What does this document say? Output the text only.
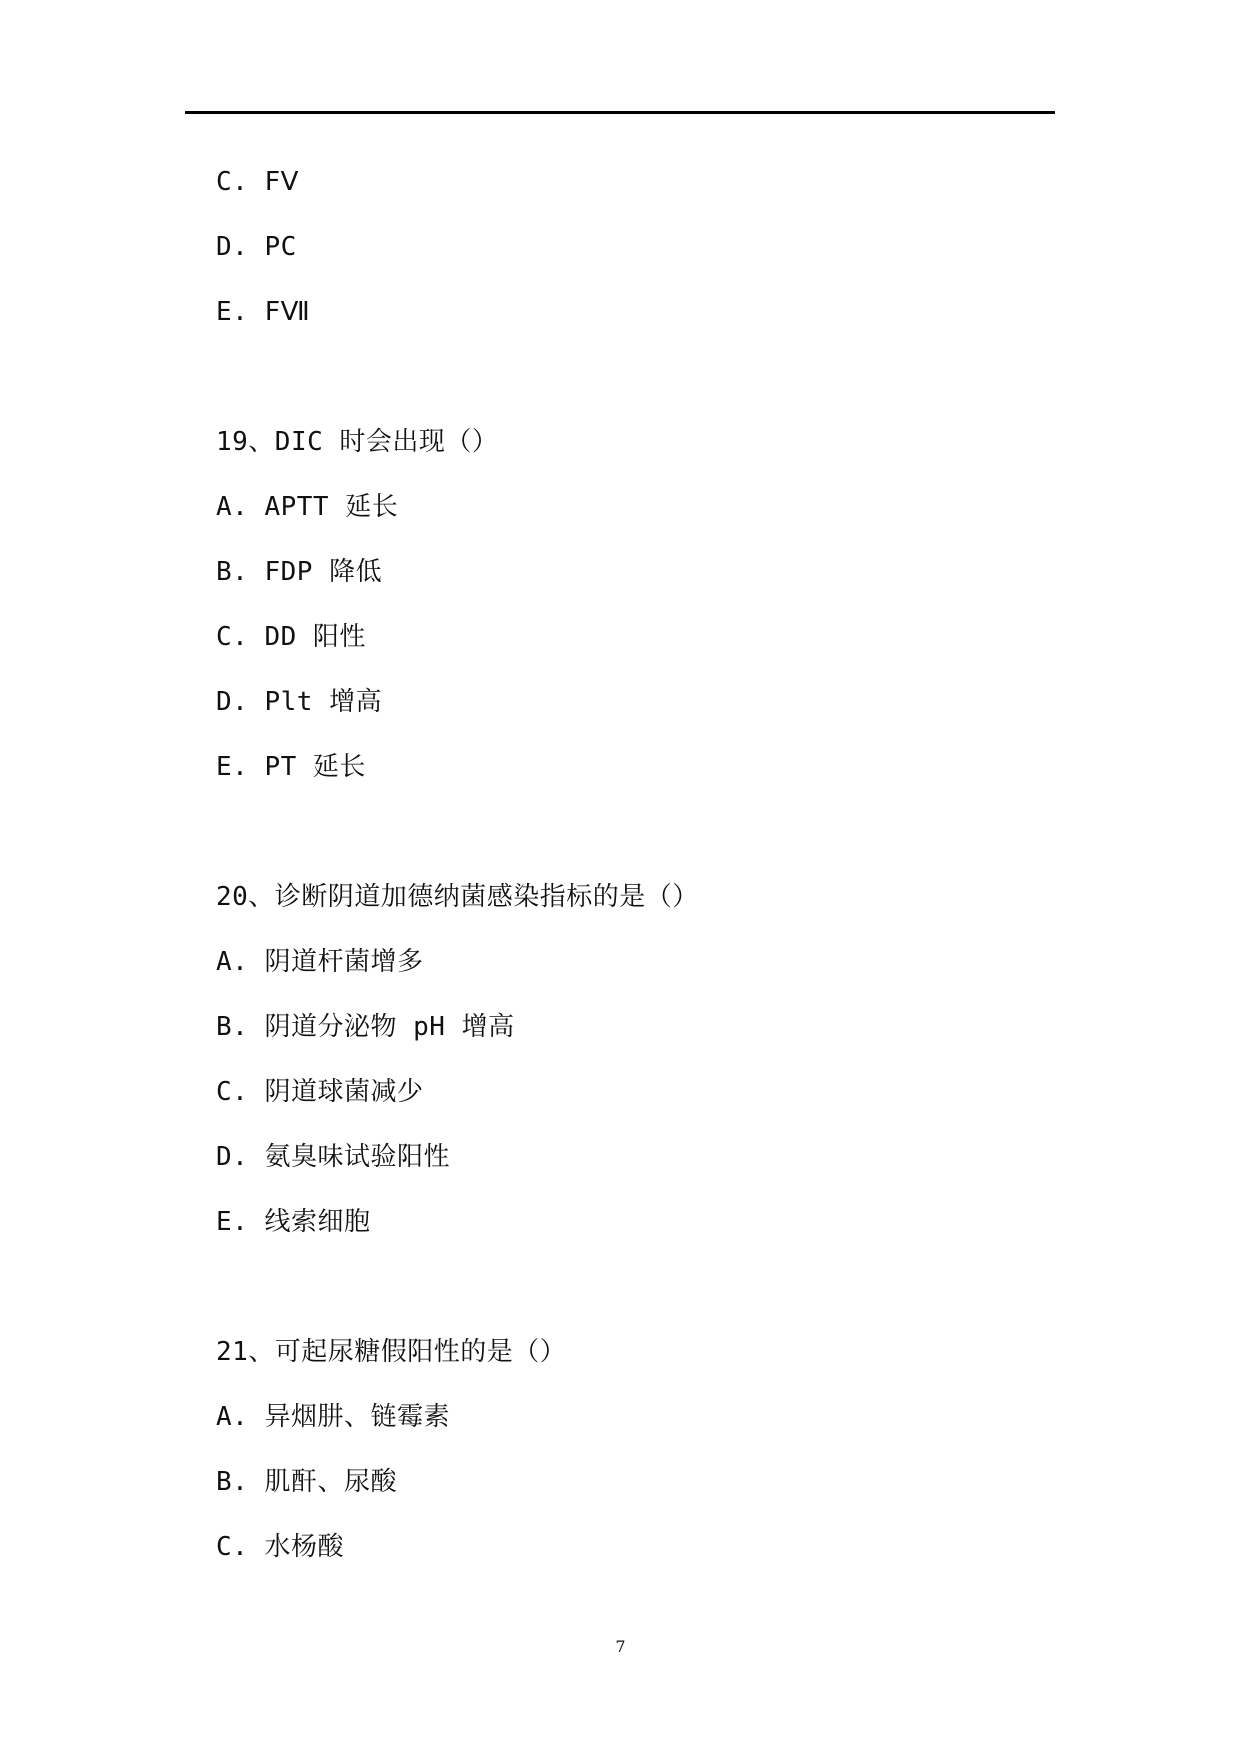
C. FⅤ
D. PC
E. FⅦ
19、DIC 时会出现（）
A. APTT 延长
B. FDP 降低
C. DD 阳性
D. Plt 增高
E. PT 延长
20、诊断阴道加德纳菌感染指标的是（）
A. 阴道杆菌增多
B. 阴道分泌物 pH 增高
C. 阴道球菌减少
D. 氨臭味试验阳性
E. 线索细胞
21、可起尿糖假阳性的是（）
A. 异烟肼、链霉素
B. 肌酐、尿酸
C. 水杨酸
7
